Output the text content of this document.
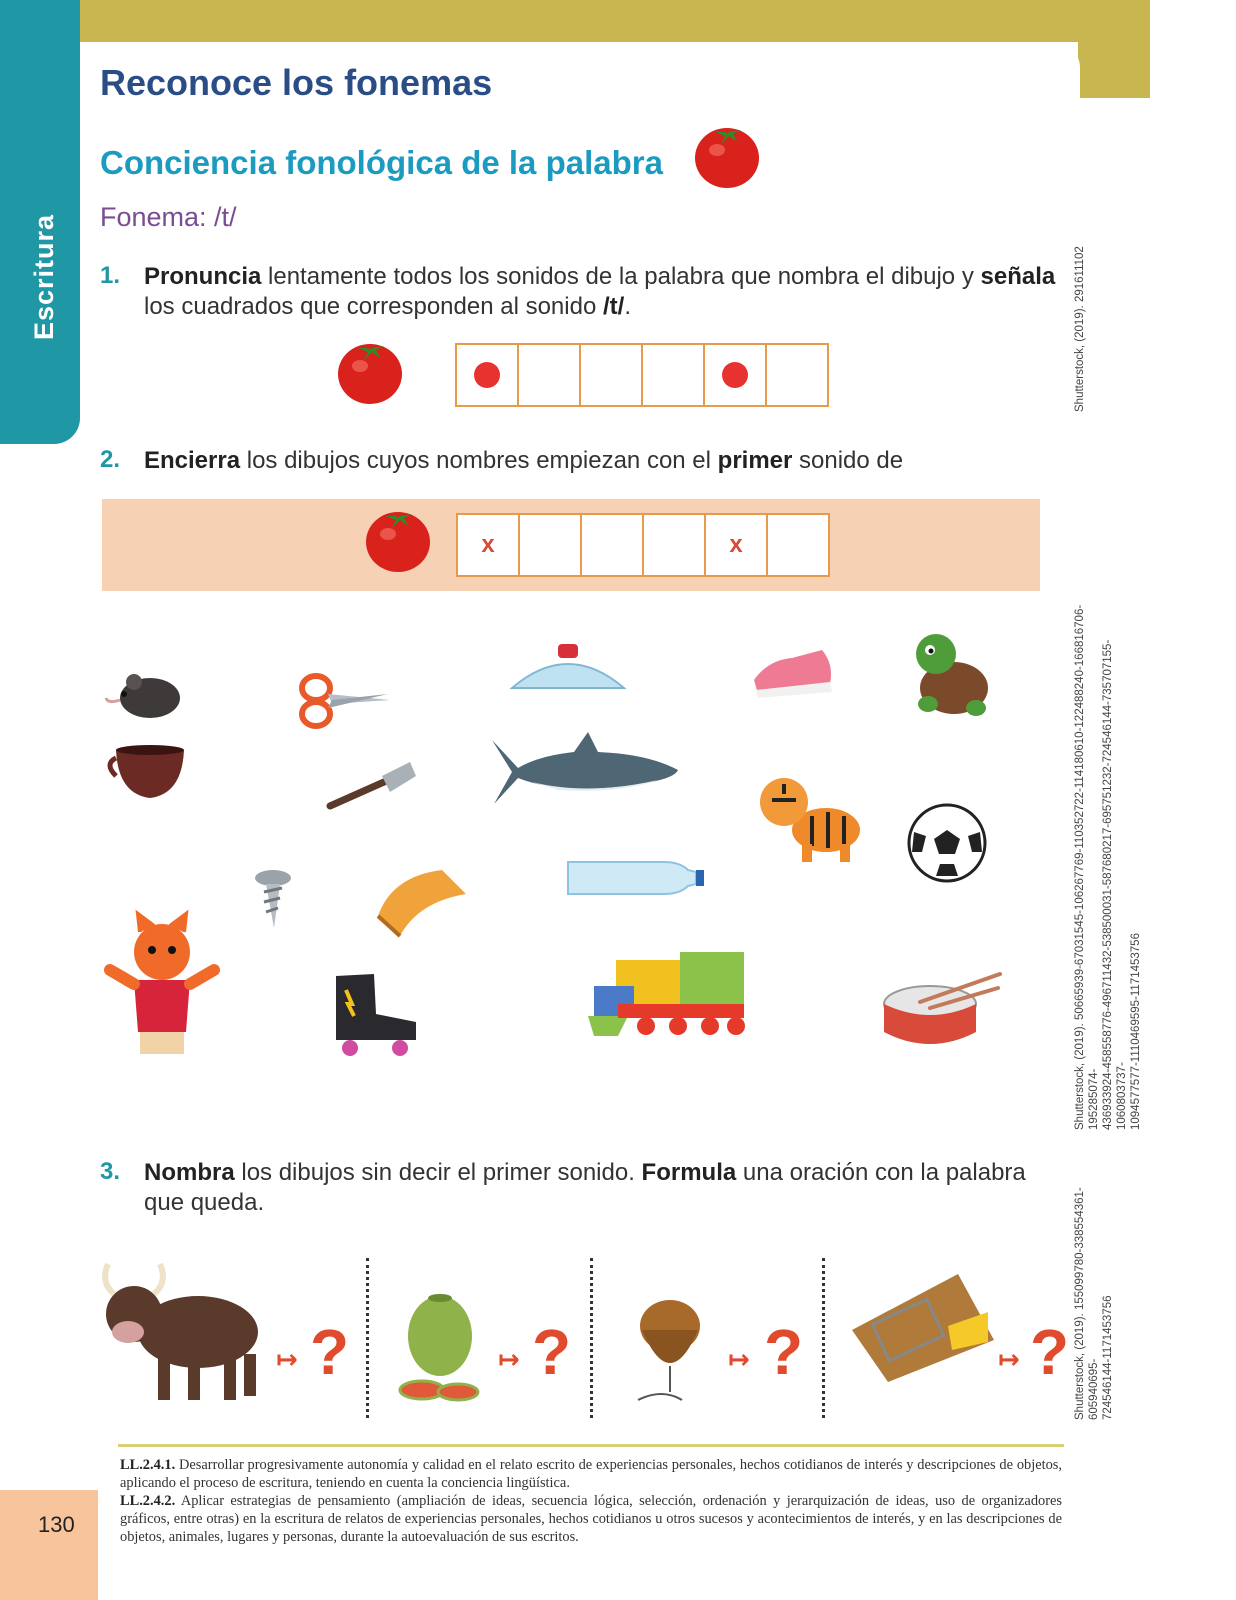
Escritura
Reconoce los fonemas
Conciencia fonológica de la palabra
Fonema: /t/
1. Pronuncia lentamente todos los sonidos de la palabra que nombra el dibujo y señala los cuadrados que corresponden al sonido /t/.
2. Encierra los dibujos cuyos nombres empiezan con el primer sonido de
x	x
3. Nombra los dibujos sin decir el primer sonido. Formula una oración con la palabra que queda.
↦ ?	↦ ?	↦ ?	↦ ?
Shutterstock, (2019). 291611102
Shutterstock, (2019). 50665939-67031545-106267769-110352722-114180610-122488240-166816706-195285074-
436933924-458558776-496711432-538500031-587680217-695751232-724546144-735707155-1060803737-
1094577577-1110469595-1171453756
Shutterstock, (2019). 155099780-338554361-605940695-
724546144-1171453756
LL.2.4.1. Desarrollar progresivamente autonomía y calidad en el relato escrito de experiencias personales, hechos cotidianos de interés y descripciones de objetos, aplicando el proceso de escritura, teniendo en cuenta la conciencia lingüística.
LL.2.4.2. Aplicar estrategias de pensamiento (ampliación de ideas, secuencia lógica, selección, ordenación y jerarquización de ideas, uso de organizadores gráficos, entre otras) en la escritura de relatos de experiencias personales, hechos cotidianos u otros sucesos y acontecimientos de interés, y en las descripciones de objetos, animales, lugares y personas, durante la autoevaluación de sus escritos.
130
